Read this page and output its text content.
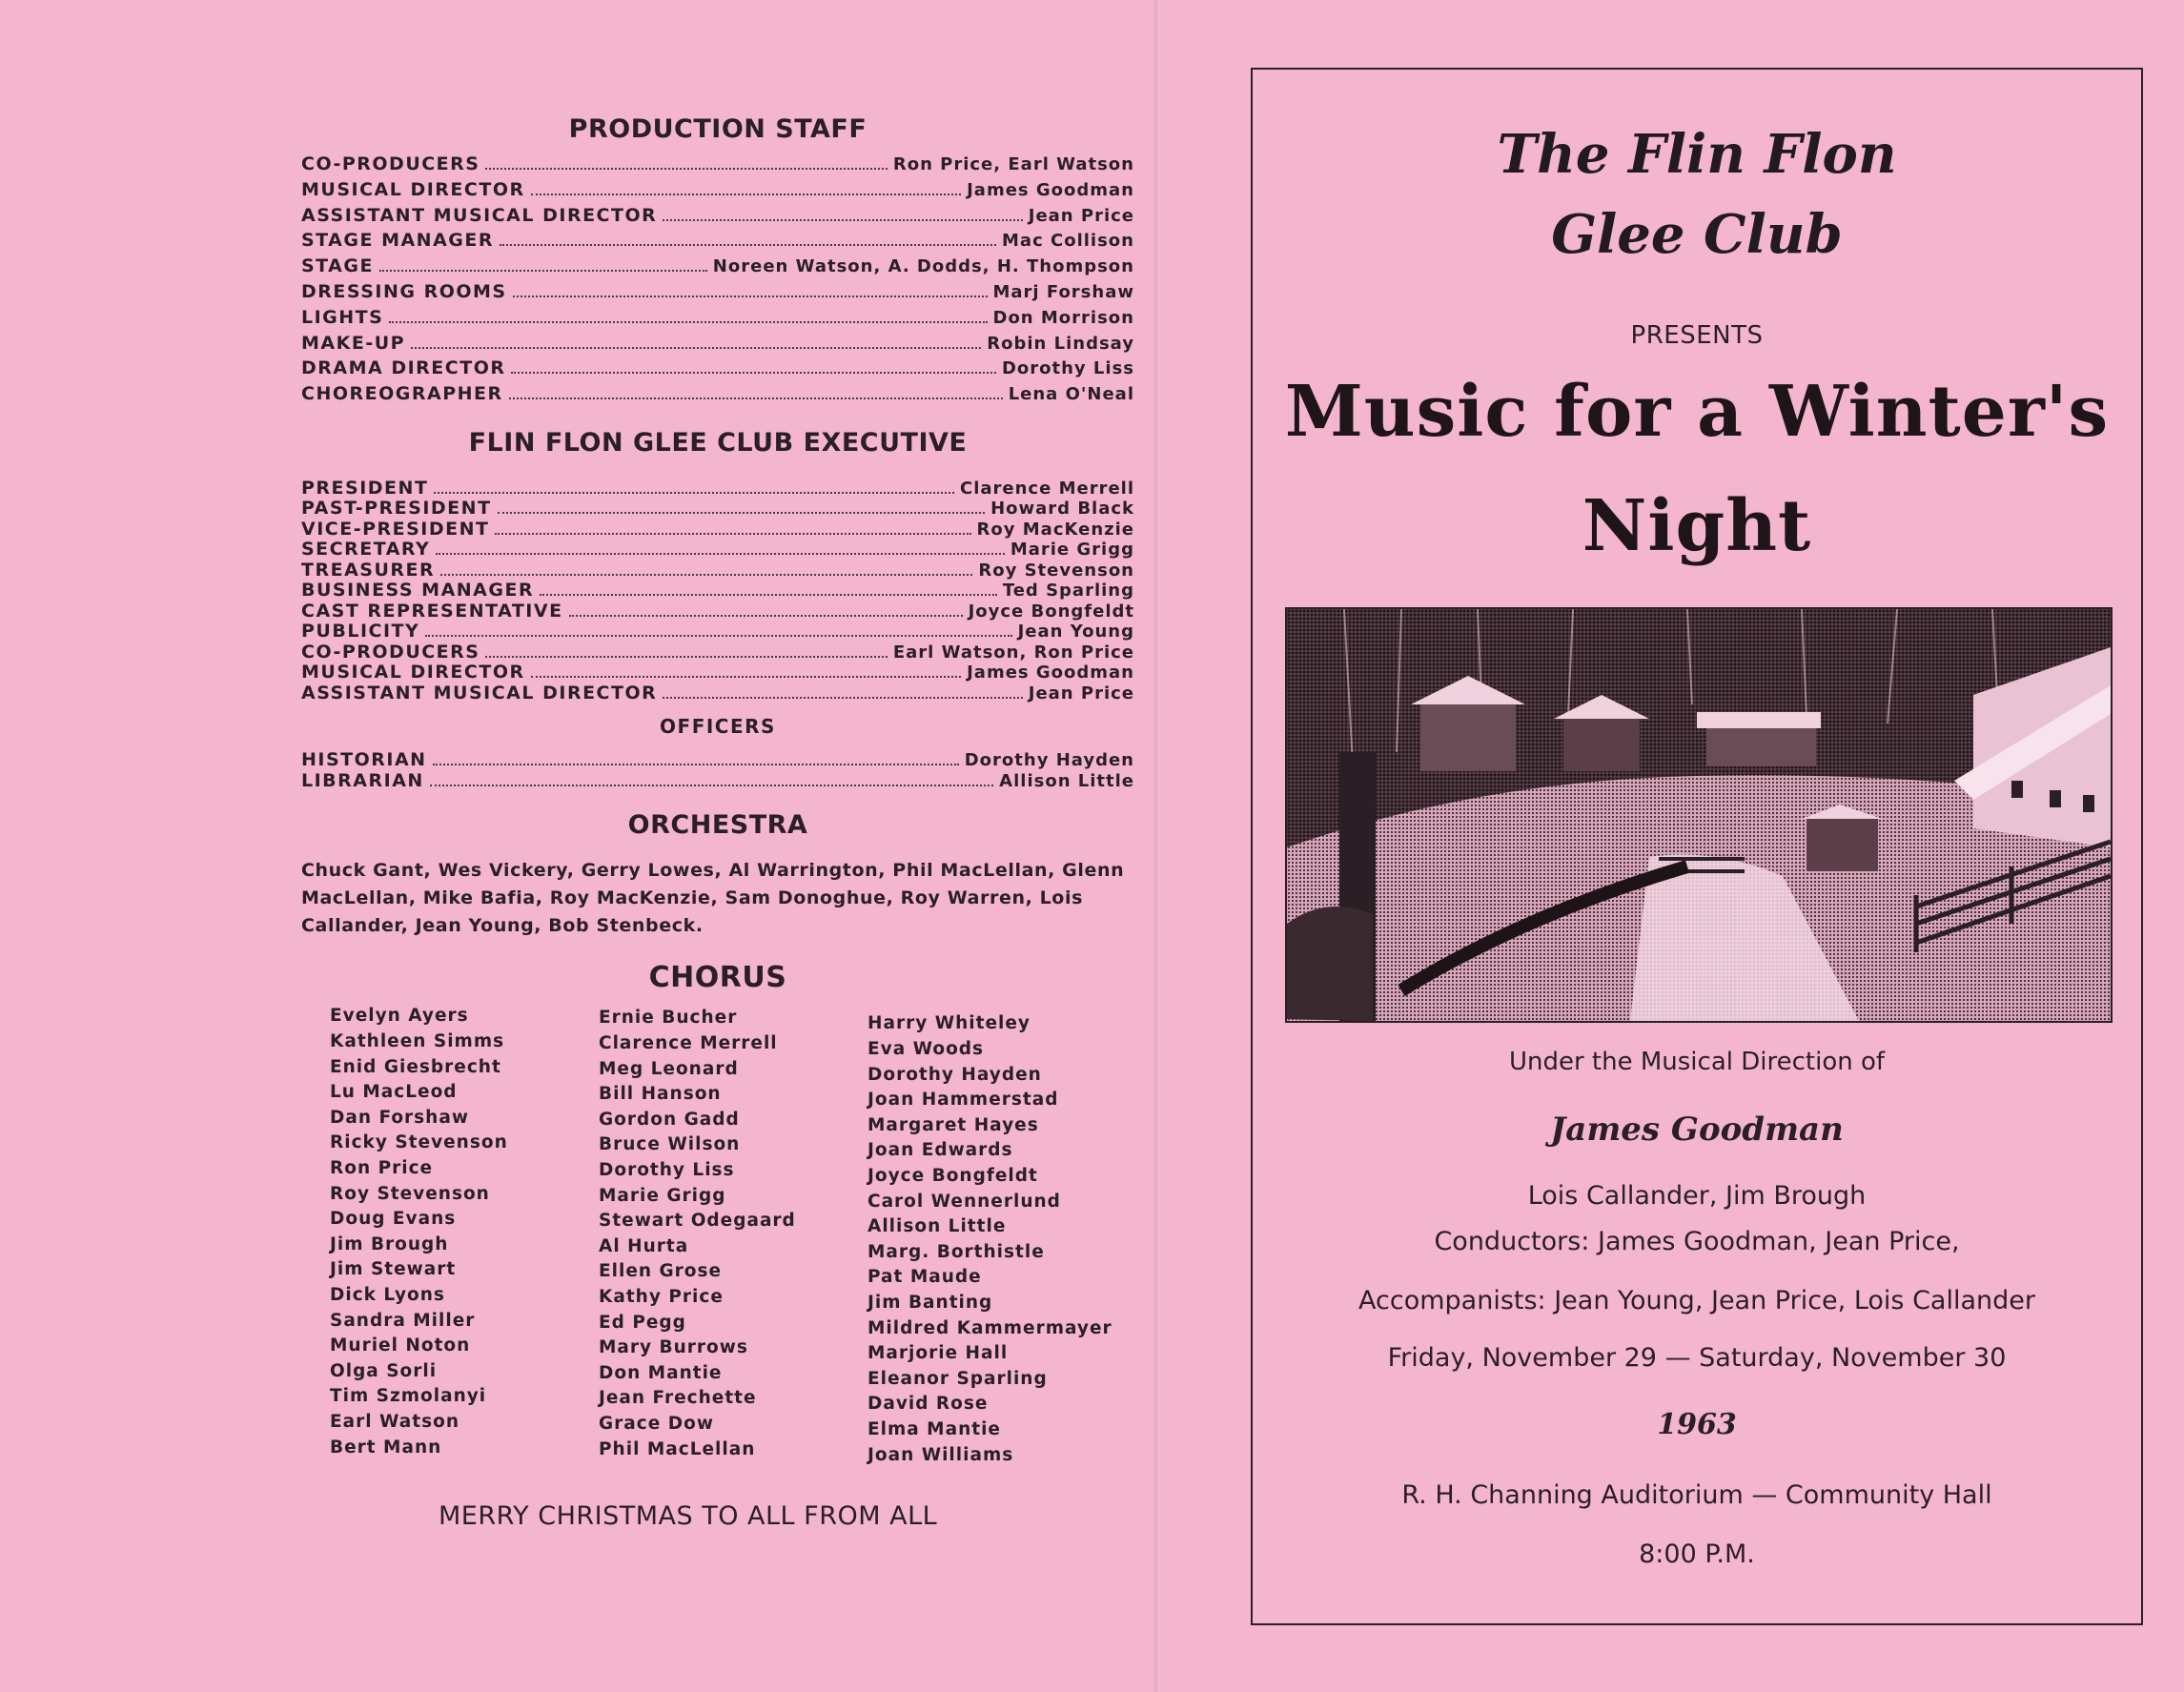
PRODUCTION STAFF
CO-PRODUCERS	Ron Price, Earl Watson
MUSICAL DIRECTOR	James Goodman
ASSISTANT MUSICAL DIRECTOR	Jean Price
STAGE MANAGER	Mac Collison
STAGE	Noreen Watson, A. Dodds, H. Thompson
DRESSING ROOMS	Marj Forshaw
LIGHTS	Don Morrison
MAKE-UP	Robin Lindsay
DRAMA DIRECTOR	Dorothy Liss
CHOREOGRAPHER	Lena O'Neal
FLIN FLON GLEE CLUB EXECUTIVE
PRESIDENT	Clarence Merrell
PAST-PRESIDENT	Howard Black
VICE-PRESIDENT	Roy MacKenzie
SECRETARY	Marie Grigg
TREASURER	Roy Stevenson
BUSINESS MANAGER	Ted Sparling
CAST REPRESENTATIVE	Joyce Bongfeldt
PUBLICITY	Jean Young
CO-PRODUCERS	Earl Watson, Ron Price
MUSICAL DIRECTOR	James Goodman
ASSISTANT MUSICAL DIRECTOR	Jean Price
OFFICERS
HISTORIAN	Dorothy Hayden
LIBRARIAN	Allison Little
ORCHESTRA

Chuck Gant, Wes Vickery, Gerry Lowes, Al Warrington, Phil MacLellan, Glenn MacLellan, Mike Bafia, Roy MacKenzie, Sam Donoghue, Roy Warren, Lois Callander, Jean Young, Bob Stenbeck.

CHORUS
Evelyn Ayers
Kathleen Simms
Enid Giesbrecht
Lu MacLeod
Dan Forshaw
Ricky Stevenson
Ron Price
Roy Stevenson
Doug Evans
Jim Brough
Jim Stewart
Dick Lyons
Sandra Miller
Muriel Noton
Olga Sorli
Tim Szmolanyi
Earl Watson
Bert Mann
Ernie Bucher
Clarence Merrell
Meg Leonard
Bill Hanson
Gordon Gadd
Bruce Wilson
Dorothy Liss
Marie Grigg
Stewart Odegaard
Al Hurta
Ellen Grose
Kathy Price
Ed Pegg
Mary Burrows
Don Mantie
Jean Frechette
Grace Dow
Phil MacLellan
Harry Whiteley
Eva Woods
Dorothy Hayden
Joan Hammerstad
Margaret Hayes
Joan Edwards
Joyce Bongfeldt
Carol Wennerlund
Allison Little
Marg. Borthistle
Pat Maude
Jim Banting
Mildred Kammermayer
Marjorie Hall
Eleanor Sparling
David Rose
Elma Mantie
Joan Williams
MERRY CHRISTMAS TO ALL FROM ALL
The Flin Flon
Glee Club
PRESENTS
Music for a Winter's
Night
Under the Musical Direction of
James Goodman
Lois Callander, Jim Brough
Conductors: James Goodman, Jean Price,
Accompanists: Jean Young, Jean Price, Lois Callander
Friday, November 29 — Saturday, November 30
1963
R. H. Channing Auditorium — Community Hall
8:00 P.M.
